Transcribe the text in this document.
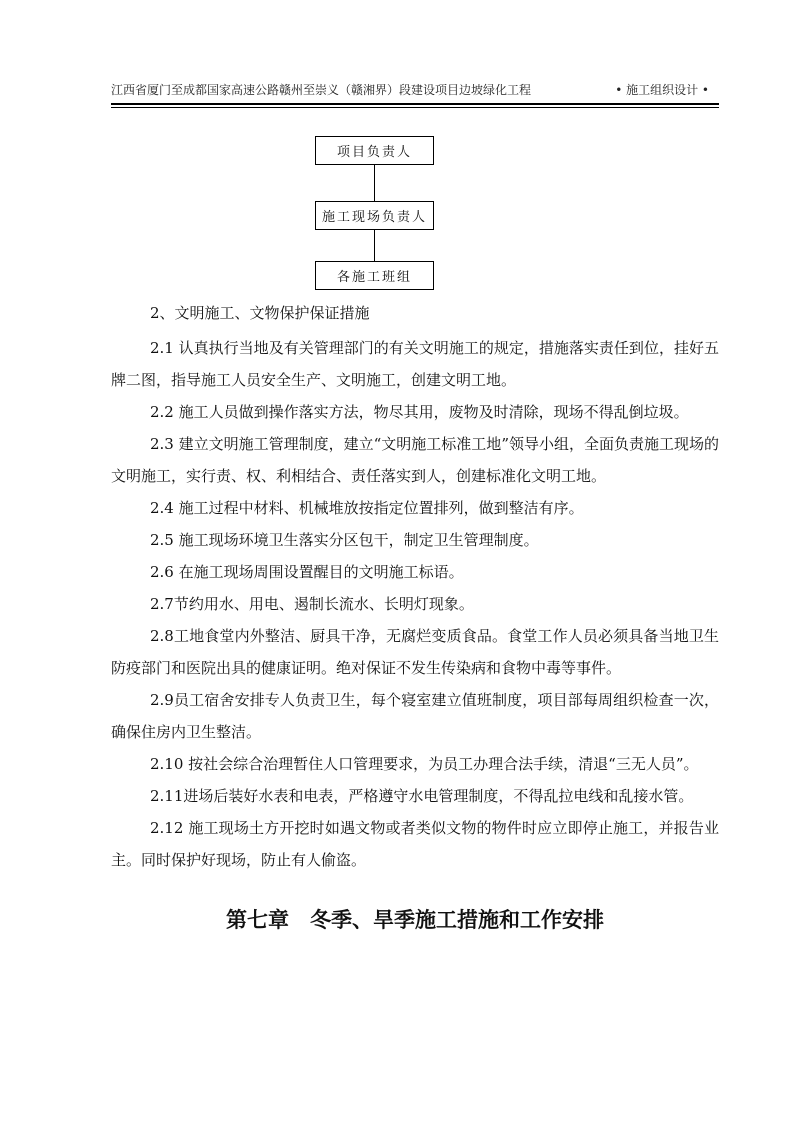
江西省厦门至成都国家高速公路赣州至崇义（赣湘界）段建设项目边坡绿化工程	• 施工组织设计 •
项目负责人
施工现场负责人
各施工班组
2、文明施工、文物保护保证措施
2.1 认真执行当地及有关管理部门的有关文明施工的规定，措施落实责任到位，挂好五牌二图，指导施工人员安全生产、文明施工，创建文明工地。
2.2 施工人员做到操作落实方法，物尽其用，废物及时清除，现场不得乱倒垃圾。
2.3 建立文明施工管理制度，建立“文明施工标准工地”领导小组，全面负责施工现场的文明施工，实行责、权、利相结合、责任落实到人，创建标准化文明工地。
2.4 施工过程中材料、机械堆放按指定位置排列，做到整洁有序。
2.5 施工现场环境卫生落实分区包干，制定卫生管理制度。
2.6 在施工现场周围设置醒目的文明施工标语。
2.7节约用水、用电、遏制长流水、长明灯现象。
2.8工地食堂内外整洁、厨具干净，无腐烂变质食品。食堂工作人员必须具备当地卫生防疫部门和医院出具的健康证明。绝对保证不发生传染病和食物中毒等事件。
2.9员工宿舍安排专人负责卫生，每个寝室建立值班制度，项目部每周组织检查一次，确保住房内卫生整洁。
2.10 按社会综合治理暂住人口管理要求，为员工办理合法手续，清退“三无人员”。
2.11进场后装好水表和电表，严格遵守水电管理制度，不得乱拉电线和乱接水管。
2.12 施工现场土方开挖时如遇文物或者类似文物的物件时应立即停止施工，并报告业主。同时保护好现场，防止有人偷盗。
第七章　冬季、旱季施工措施和工作安排
